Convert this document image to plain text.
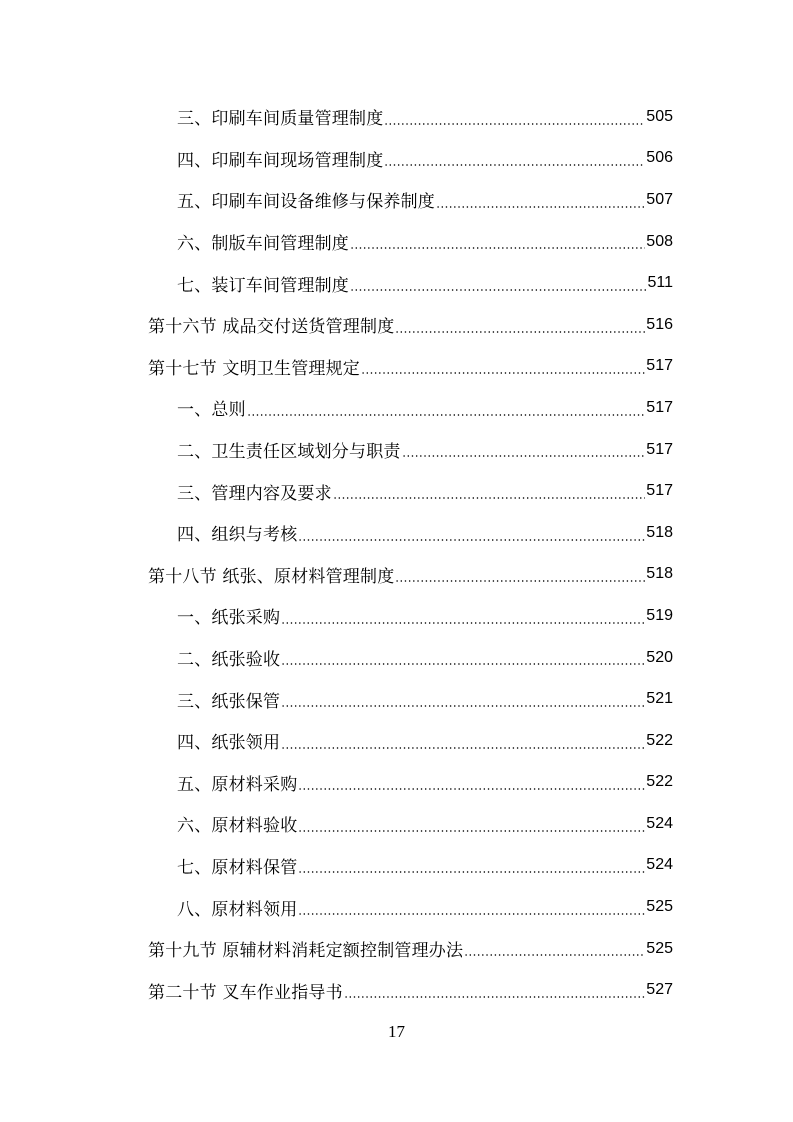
三、印刷车间质量管理制度	505
四、印刷车间现场管理制度	506
五、印刷车间设备维修与保养制度	507
六、制版车间管理制度	508
七、装订车间管理制度	511
第十六节 成品交付送货管理制度	516
第十七节 文明卫生管理规定	517
一、总则	517
二、卫生责任区域划分与职责	517
三、管理内容及要求	517
四、组织与考核	518
第十八节 纸张、原材料管理制度	518
一、纸张采购	519
二、纸张验收	520
三、纸张保管	521
四、纸张领用	522
五、原材料采购	522
六、原材料验收	524
七、原材料保管	524
八、原材料领用	525
第十九节 原辅材料消耗定额控制管理办法	525
第二十节 叉车作业指导书	527
17
